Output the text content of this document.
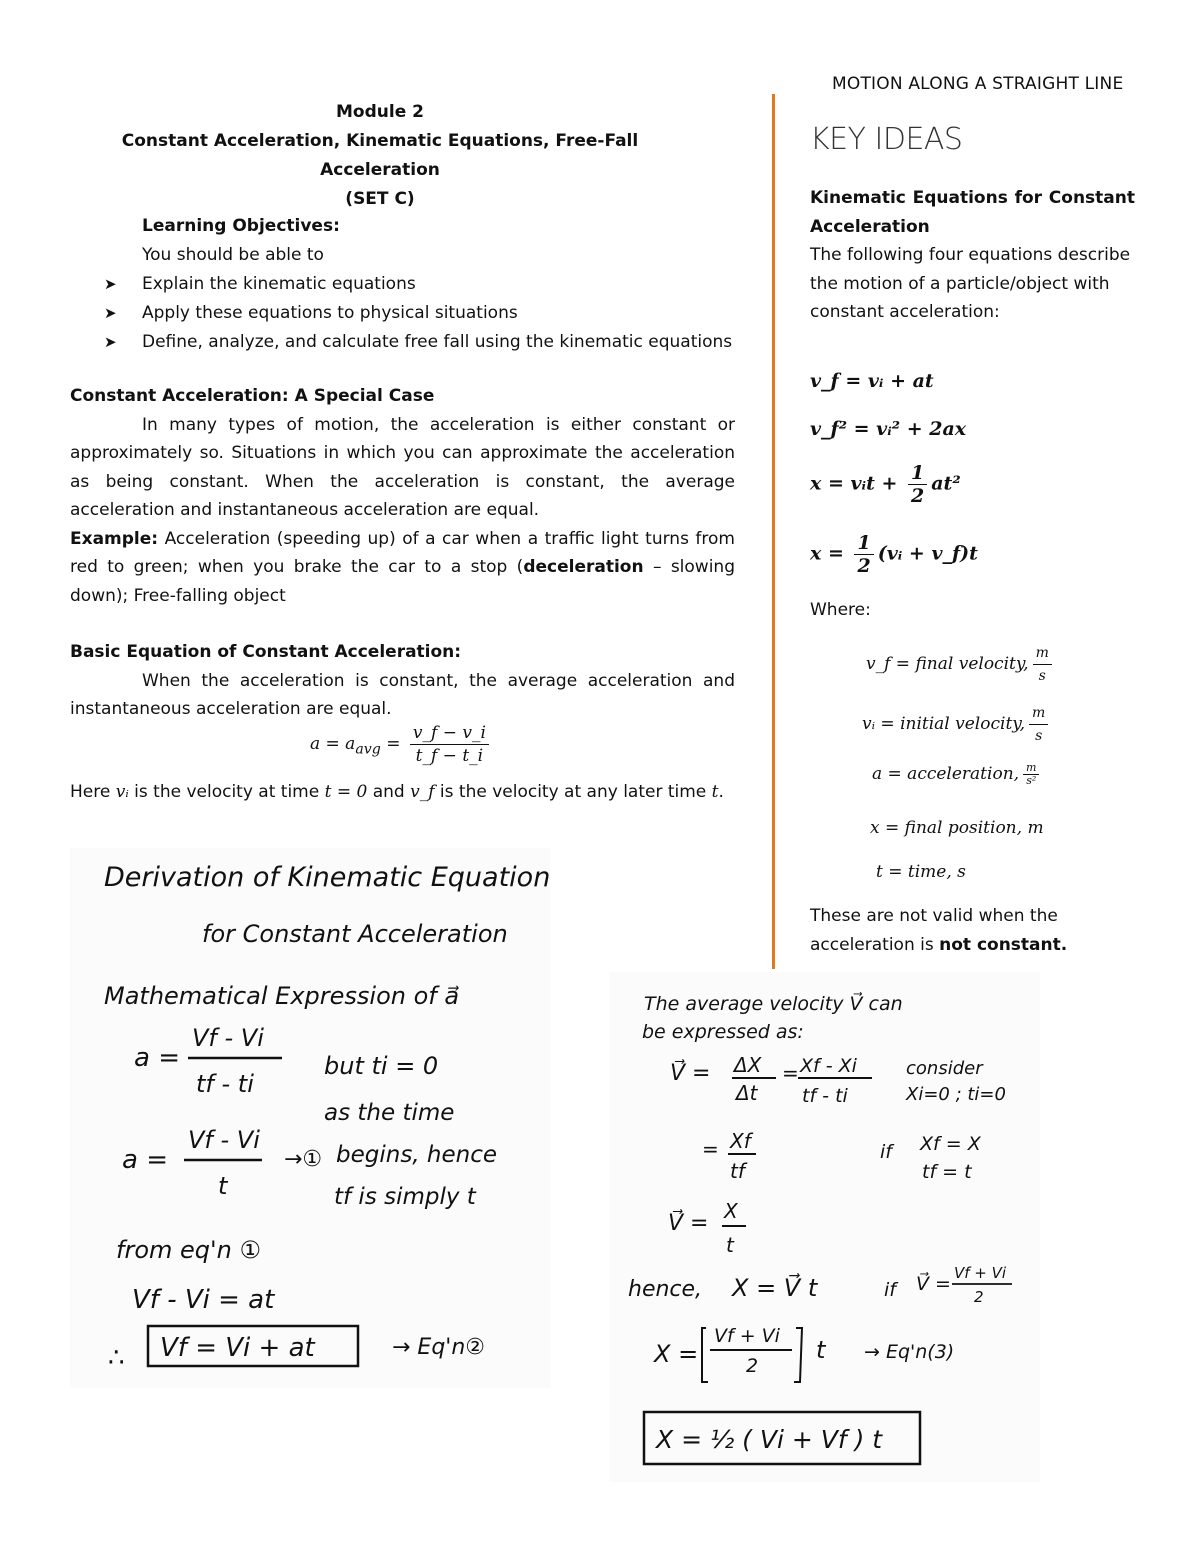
MOTION ALONG A STRAIGHT LINE
Module 2
Constant Acceleration, Kinematic Equations, Free-Fall Acceleration
(SET C)
Learning Objectives:
You should be able to
➤ Explain the kinematic equations
➤ Apply these equations to physical situations
➤ Define, analyze, and calculate free fall using the kinematic equations
Constant Acceleration: A Special Case
In many types of motion, the acceleration is either constant or approximately so. Situations in which you can approximate the acceleration as being constant. When the acceleration is constant, the average acceleration and instantaneous acceleration are equal.
Example: Acceleration (speeding up) of a car when a traffic light turns from red to green; when you brake the car to a stop (deceleration – slowing down); Free-falling object
Basic Equation of Constant Acceleration:
When the acceleration is constant, the average acceleration and instantaneous acceleration are equal.
$a = a_{avg} = \frac{v\_f - v\_i}{t\_f - t\_i}$
Here vᵢ is the velocity at time t = 0 and v_f is the velocity at any later time t.
KEY IDEAS
Kinematic Equations for Constant Acceleration
The following four equations describe the motion of a particle/object with constant acceleration:
v_f = vᵢ + at
v_f² = vᵢ² + 2ax
x = vᵢt + $\frac{1}{2} at^2$
$x = \frac{1}{2}$ (vᵢ + v_f)t
Where:
v_f = final velocity, $\frac{m}{s}$
vᵢ = initial velocity, $\frac{m}{s}$
a = acceleration, $\frac{m}{\text{s²}}$
x = final position, m
t = time, s
These are not valid when the acceleration is not constant.
Derivation of Kinematic Equations
for Constant Acceleration
Mathematical Expression of a⃗
a =
Vf - Vi
tf - ti
but ti = 0
as the time
a =
Vf - Vi
t
→① begins, hence
tf is simply t
from eq'n ①
Vf - Vi = at
Vf = Vi + at
∴	→ Eq'n②
The average velocity V⃗ can
be expressed as:
V⃗ = ΔX
Δt
= Xf - Xi
tf - ti
consider
Xi=0 ; ti=0
= Xf
tf
if Xf = X
tf = t
V⃗ = X
t
hence, X = V⃗ t	if V⃗ = Vf + Vi
2
X =
Vf + Vi
2
t → Eq'n(3)
X = ½ ( Vi + Vf ) t
